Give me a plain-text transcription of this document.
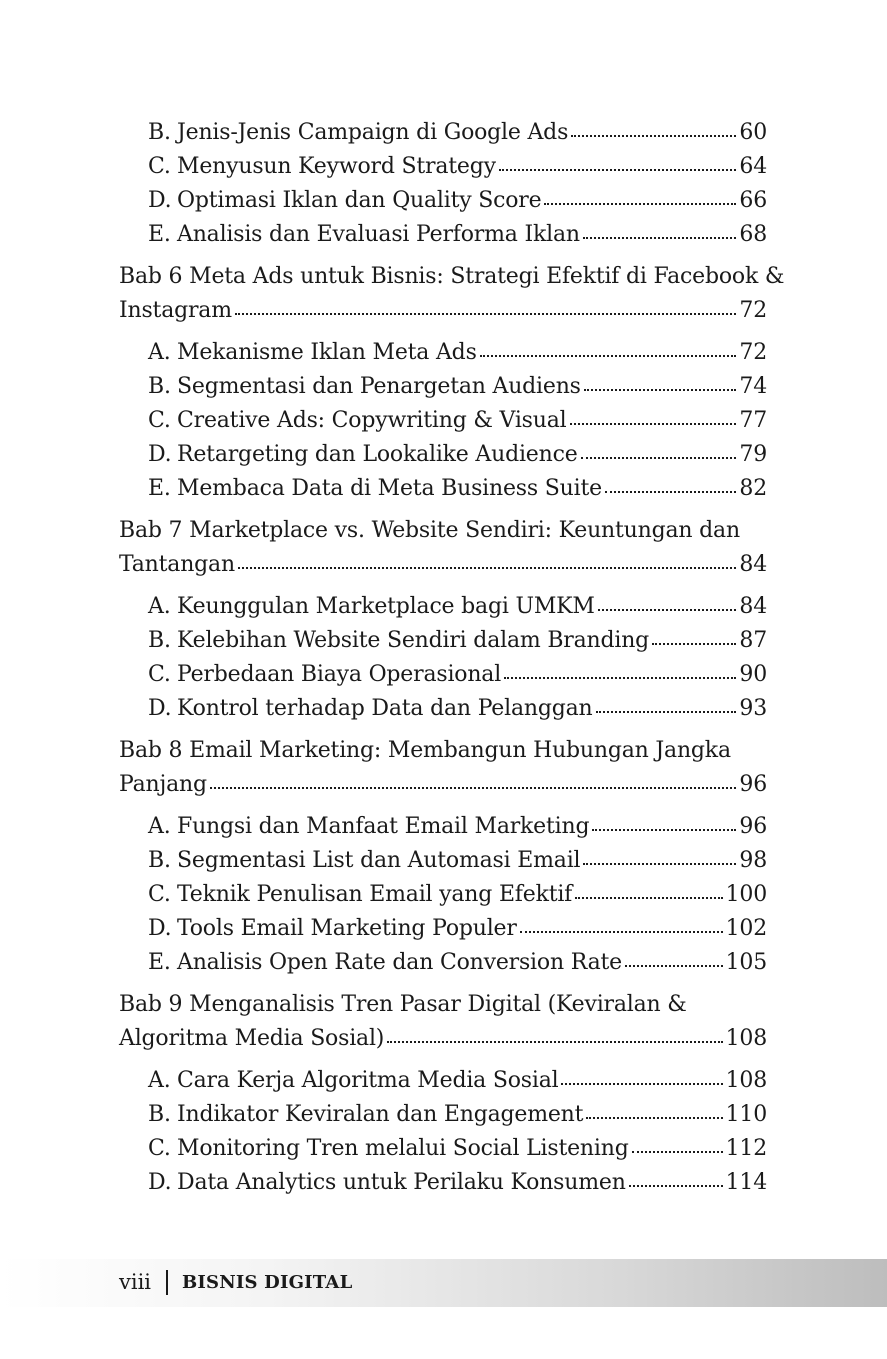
B. Jenis-Jenis Campaign di Google Ads	60
C. Menyusun Keyword Strategy	64
D. Optimasi Iklan dan Quality Score	66
E. Analisis dan Evaluasi Performa Iklan	68
Bab 6 Meta Ads untuk Bisnis: Strategi Efektif di Facebook &
Instagram	72
A. Mekanisme Iklan Meta Ads	72
B. Segmentasi dan Penargetan Audiens	74
C. Creative Ads: Copywriting & Visual	77
D. Retargeting dan Lookalike Audience	79
E. Membaca Data di Meta Business Suite	82
Bab 7 Marketplace vs. Website Sendiri: Keuntungan dan
Tantangan	84
A. Keunggulan Marketplace bagi UMKM	84
B. Kelebihan Website Sendiri dalam Branding	87
C. Perbedaan Biaya Operasional	90
D. Kontrol terhadap Data dan Pelanggan	93
Bab 8 Email Marketing: Membangun Hubungan Jangka
Panjang	96
A. Fungsi dan Manfaat Email Marketing	96
B. Segmentasi List dan Automasi Email	98
C. Teknik Penulisan Email yang Efektif	100
D. Tools Email Marketing Populer	102
E. Analisis Open Rate dan Conversion Rate	105
Bab 9 Menganalisis Tren Pasar Digital (Keviralan &
Algoritma Media Sosial)	108
A. Cara Kerja Algoritma Media Sosial	108
B. Indikator Keviralan dan Engagement	110
C. Monitoring Tren melalui Social Listening	112
D. Data Analytics untuk Perilaku Konsumen	114
viii BISNIS DIGITAL
